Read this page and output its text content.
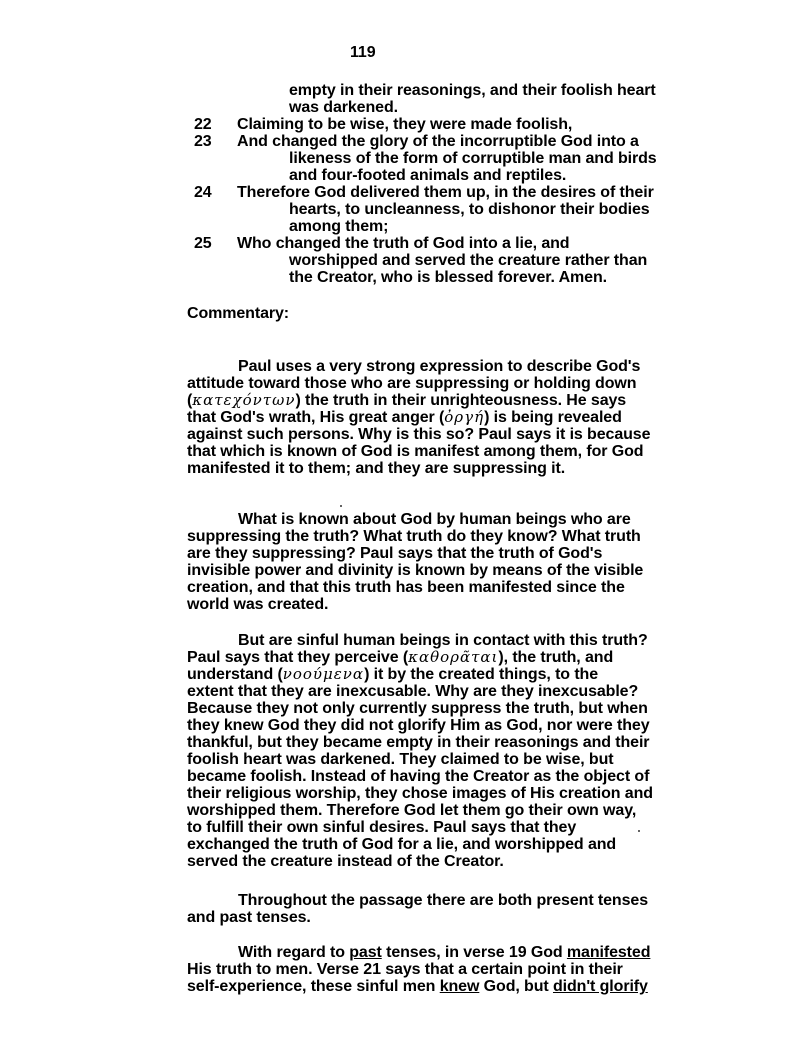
119
empty in their reasonings, and their foolish heart
was darkened.
22	Claiming to be wise, they were made foolish,
23	And changed the glory of the incorruptible God into a
likeness of the form of corruptible man and birds
and four-footed animals and reptiles.
24	Therefore God delivered them up, in the desires of their
hearts, to uncleanness, to dishonor their bodies
among them;
25	Who changed the truth of God into a lie, and
worshipped and served the creature rather than
the Creator, who is blessed forever. Amen.
Commentary:
Paul uses a very strong expression to describe God's
attitude toward those who are suppressing or holding down
(κατεχόντων) the truth in their unrighteousness. He says
that God's wrath, His great anger (ὀργή) is being revealed
against such persons. Why is this so? Paul says it is because
that which is known of God is manifest among them, for God
manifested it to them; and they are suppressing it.
What is known about God by human beings who are
suppressing the truth? What truth do they know? What truth
are they suppressing? Paul says that the truth of God's
invisible power and divinity is known by means of the visible
creation, and that this truth has been manifested since the
world was created.
But are sinful human beings in contact with this truth?
Paul says that they perceive (καθορᾶται), the truth, and
understand (νοούμενα) it by the created things, to the
extent that they are inexcusable. Why are they inexcusable?
Because they not only currently suppress the truth, but when
they knew God they did not glorify Him as God, nor were they
thankful, but they became empty in their reasonings and their
foolish heart was darkened. They claimed to be wise, but
became foolish. Instead of having the Creator as the object of
their religious worship, they chose images of His creation and
worshipped them. Therefore God let them go their own way,
to fulfill their own sinful desires. Paul says that they
exchanged the truth of God for a lie, and worshipped and
served the creature instead of the Creator.
Throughout the passage there are both present tenses
and past tenses.
With regard to past tenses, in verse 19 God manifested
His truth to men. Verse 21 says that a certain point in their
self-experience, these sinful men knew God, but didn't glorify
